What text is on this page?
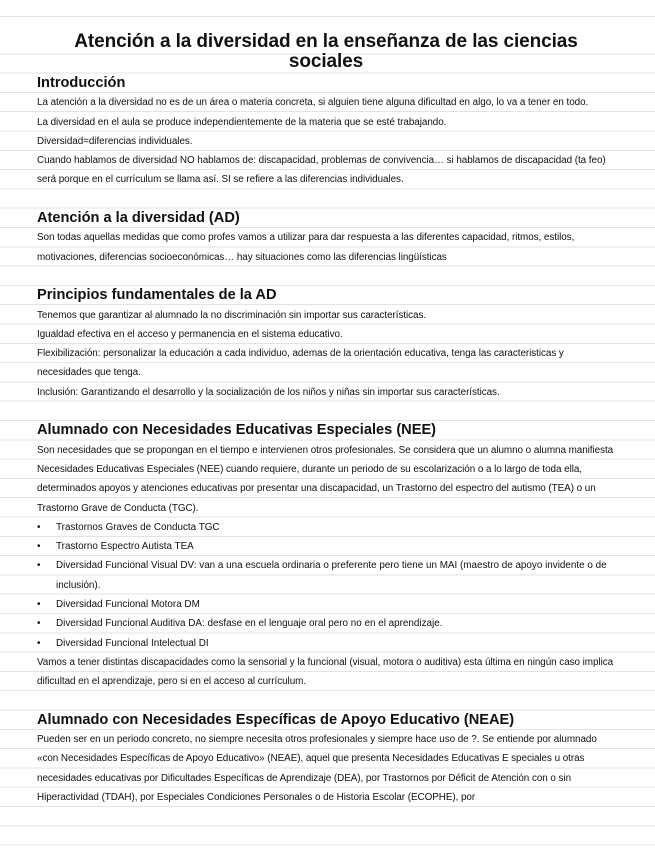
Atención a la diversidad en la enseñanza de las ciencias sociales
Introducción

La atención a la diversidad no es de un área o materia concreta, si alguien tiene alguna dificultad en algo, lo va a tener en todo.

La diversidad en el aula se produce independientemente de la materia que se esté trabajando.

Diversidad=diferencias individuales.

Cuando hablamos de diversidad NO hablamos de: discapacidad, problemas de convivencia… si hablamos de discapacidad (ta feo) será porque en el currículum se llama así. SI se refiere a las diferencias individuales.

Atención a la diversidad (AD)

Son todas aquellas medidas que como profes vamos a utilizar para dar respuesta a las diferentes capacidad, ritmos, estilos, motivaciones, diferencias socioeconómicas… hay situaciones como las diferencias lingüísticas

Principios fundamentales de la AD

Tenemos que garantizar al alumnado la no discriminación sin importar sus características.

Igualdad efectiva en el acceso y permanencia en el sistema educativo.

Flexibilización: personalizar la educación a cada individuo, ademas de la orientación educativa, tenga las caracteristicas y necesidades que tenga.

Inclusión: Garantizando el desarrollo y la socialización de los niños y niñas sin importar sus características.

Alumnado con Necesidades Educativas Especiales (NEE)

Son necesidades que se propongan en el tiempo e intervienen otros profesionales. Se considera que un alumno o alumna manifiesta Necesidades Educativas Especiales (NEE) cuando requiere, durante un periodo de su escolarización o a lo largo de toda ella, determinados apoyos y atenciones educativas por presentar una discapacidad, un Trastorno del espectro del autismo (TEA) o un Trastorno Grave de Conducta (TGC).

•	Trastornos Graves de Conducta TGC
•	Trastorno Espectro Autista TEA
•	Diversidad Funcional Visual DV: van a una escuela ordinaria o preferente pero tiene un MAI (maestro de apoyo invidente o de inclusión).
•	Diversidad Funcional Motora DM
•	Diversidad Funcional Auditiva DA: desfase en el lenguaje oral pero no en el aprendizaje.
•	Diversidad Funcional Intelectual DI

Vamos a tener distintas discapacidades como la sensorial y la funcional (visual, motora o auditiva) esta última en ningún caso implica dificultad en el aprendizaje, pero si en el acceso al currículum.

Alumnado con Necesidades Específicas de Apoyo Educativo (NEAE)

Pueden ser en un periodo concreto, no siempre necesita otros profesionales y siempre hace uso de ?. Se entiende por alumnado «con Necesidades Específicas de Apoyo Educativo» (NEAE), aquel que presenta Necesidades Educativas E speciales u otras necesidades educativas por Dificultades Específicas de Aprendizaje (DEA), por Trastornos por Déficit de Atención con o sin Hiperactividad (TDAH), por Especiales Condiciones Personales o de Historia Escolar (ECOPHE), por
